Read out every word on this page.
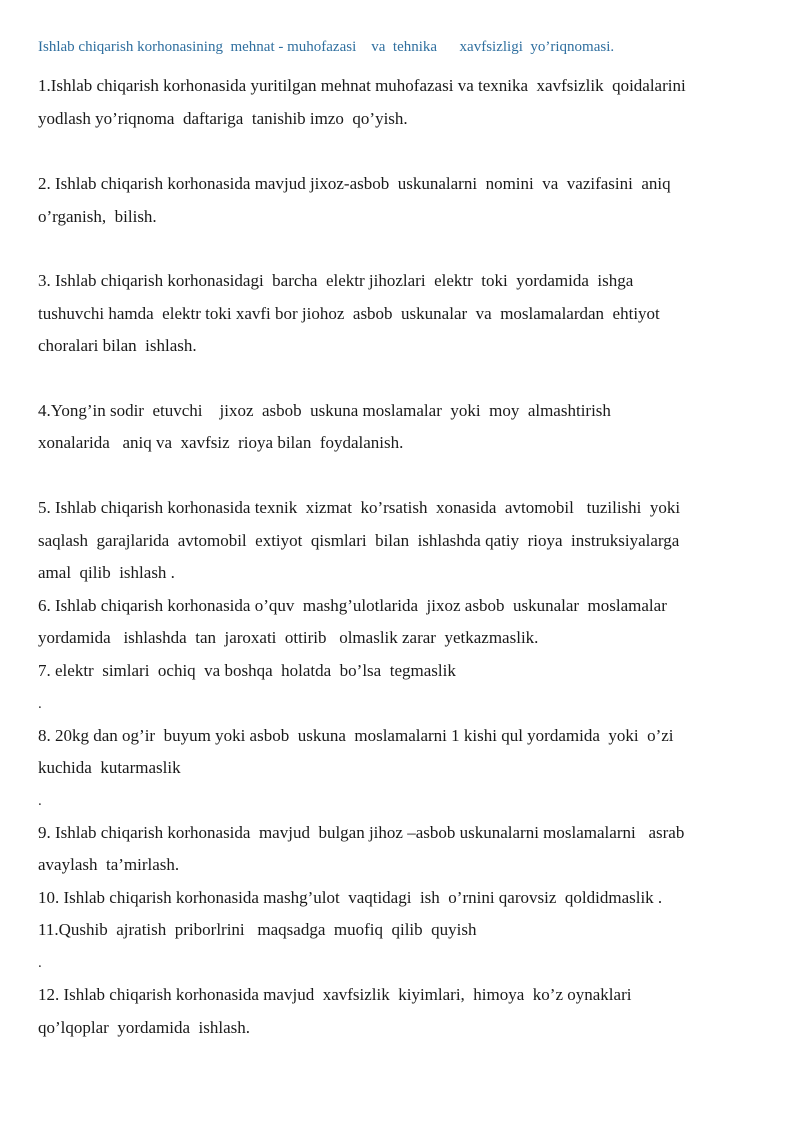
Ishlab chiqarish korhonasining  mehnat - muhofazasi    va  tehnika      xavfsizligi  yo’riqnomasi.
1.Ishlab chiqarish korhonasida yuritilgan mehnat muhofazasi va texnika  xavfsizlik  qoidalarini
yodlash yo’riqnoma  daftariga  tanishib imzo  qo’yish.
2. Ishlab chiqarish korhonasida mavjud jixoz-asbob  uskunalarni  nomini  va  vazifasini  aniq
o’rganish,  bilish.
3. Ishlab chiqarish korhonasidagi  barcha  elektr jihozlari  elektr  toki  yordamida  ishga
tushuvchi hamda  elektr toki xavfi bor jiohoz  asbob  uskunalar  va  moslamalardan  ehtiyot
choralari bilan  ishlash.
4.Yong’in sodir  etuvchi    jixoz  asbob  uskuna moslamalar  yoki  moy  almashtirish
xonalarida   aniq va  xavfsiz  rioya bilan  foydalanish.
5. Ishlab chiqarish korhonasida texnik  xizmat  ko’rsatish  xonasida  avtomobil   tuzilishi  yoki
saqlash  garajlarida  avtomobil  extiyot  qismlari  bilan  ishlashda qatiy  rioya  instruksiyalarga
amal  qilib  ishlash .
6. Ishlab chiqarish korhonasida o’quv  mashg’ulotlarida  jixoz asbob  uskunalar  moslamalar
yordamida   ishlashda  tan  jaroxati  ottirib   olmaslik zarar  yetkazmaslik.
7. elektr  simlari  ochiq  va boshqa  holatda  bo’lsa  tegmaslik
.
8. 20kg dan og’ir  buyum yoki asbob  uskuna  moslamalarni 1 kishi qul yordamida  yoki  o’zi
kuchida  kutarmaslik
.
9. Ishlab chiqarish korhonasida  mavjud  bulgan jihoz –asbob uskunalarni moslamalarni   asrab
avaylash  ta’mirlash.
10. Ishlab chiqarish korhonasida mashg’ulot  vaqtidagi  ish  o’rnini qarovsiz  qoldidmaslik .
11.Qushib  ajratish  priborlrini   maqsadga  muofiq  qilib  quyish
.
12. Ishlab chiqarish korhonasida mavjud  xavfsizlik  kiyimlari,  himoya  ko’z oynaklari
qo’lqoplar  yordamida  ishlash.
